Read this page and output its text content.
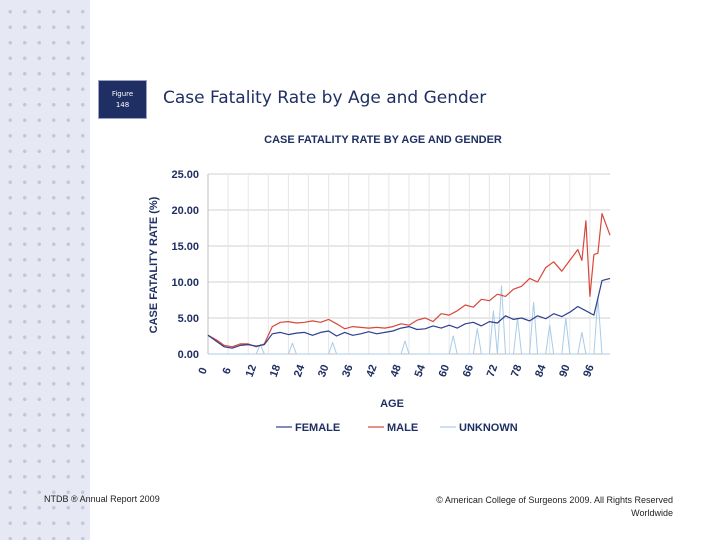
Figure
148	Case Fatality Rate by Age and Gender
CASE FATALITY RATE BY AGE AND GENDER
0.00
5.00
10.00
15.00
20.00
25.00
0 6 12 18 24 30 36 42 48 54 60 66 72 78 84 90 96
CASE FATALITY RATE (%)
AGE
FEMALE	MALE	UNKNOWN
NTDB ® Annual Report 2009	© American College of Surgeons 2009. All Rights Reserved Worldwide
